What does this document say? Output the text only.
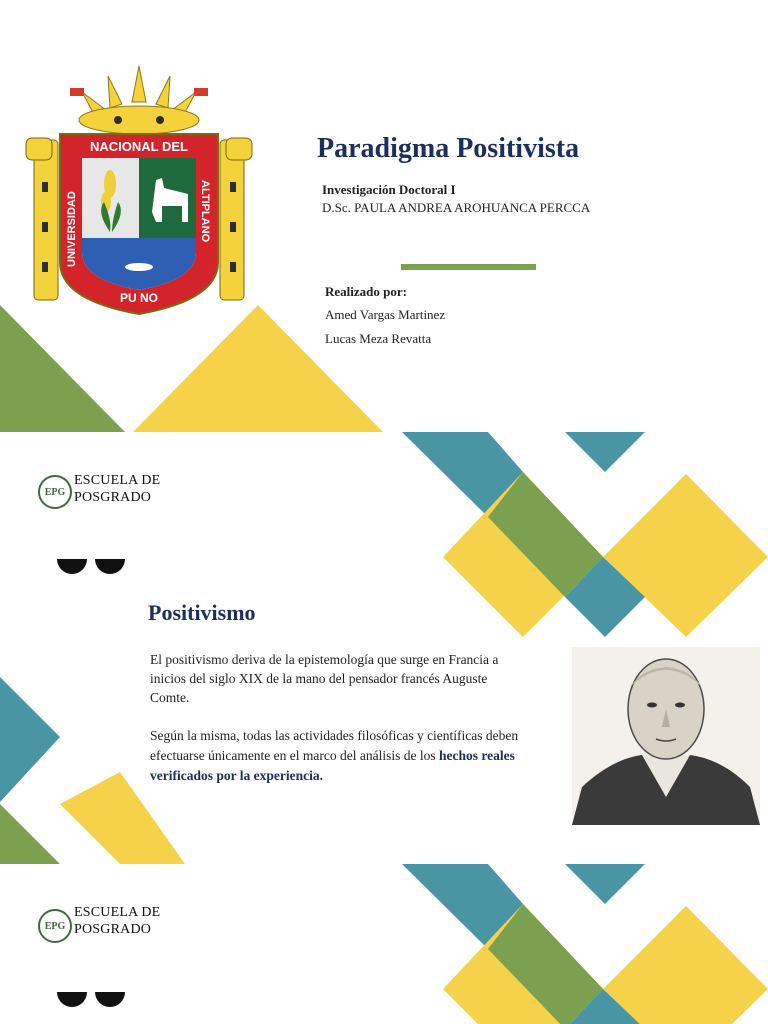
NACIONAL DEL
UNIVERSIDAD	ALTIPLANO
PU NO
Paradigma Positivista

Investigación Doctoral I

D.Sc. PAULA ANDREA AROHUANCA PERCCA

Realizado por:

Amed Vargas Martinez

Lucas Meza Revatta

EPG
ESCUELA DE
POSGRADO
Positivismo

El positivismo deriva de la epistemología que surge en Francia a inicios del siglo XIX de la mano del pensador francés Auguste Comte.

Según la misma, todas las actividades filosóficas y científicas deben efectuarse únicamente en el marco del análisis de los hechos reales verificados por la experiencia.

EPG
ESCUELA DE
POSGRADO
